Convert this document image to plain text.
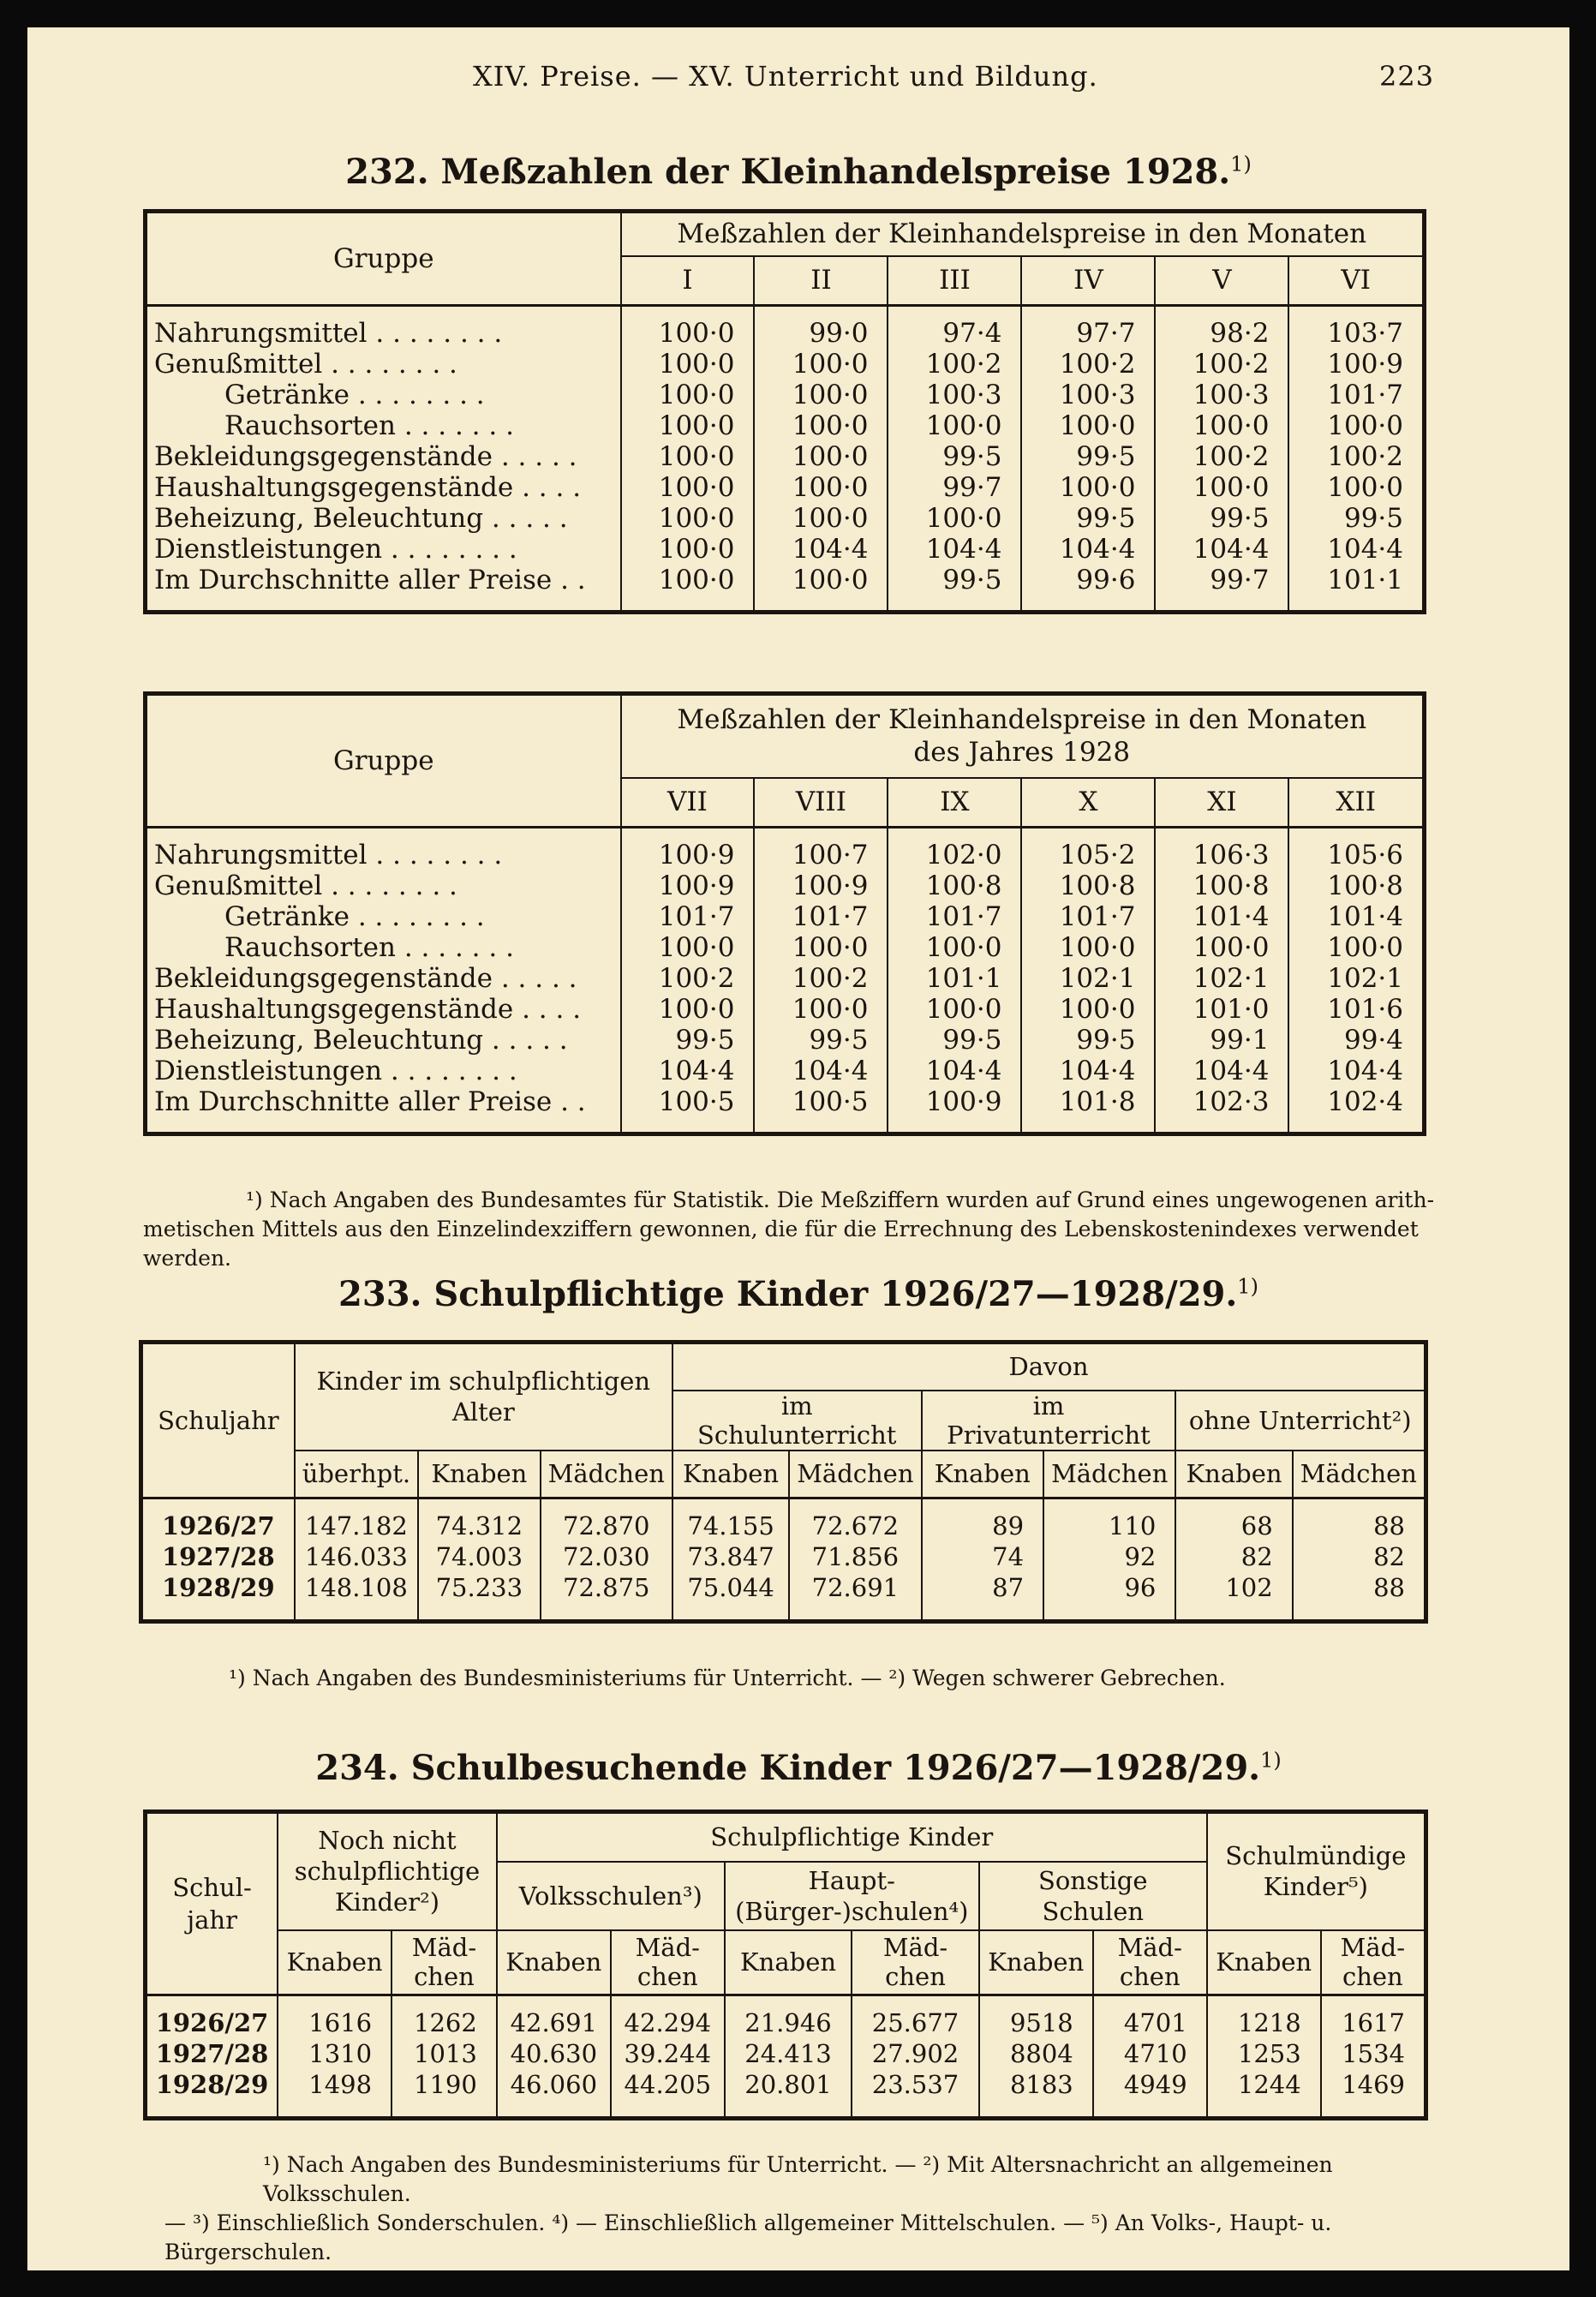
XIV. Preise. — XV. Unterricht und Bildung.	223
232. Meßzahlen der Kleinhandelspreise 1928.$^{1)}$
Gruppe	Meßzahlen der Kleinhandelspreise in den Monaten					
	I	II	III	IV	V	VI

Nahrungsmittel . . . . . . . .	100·0	99·0	97·4	97·7	98·2	103·7
Genußmittel . . . . . . . .	100·0	100·0	100·2	100·2	100·2	100·9
Getränke . . . . . . . .	100·0	100·0	100·3	100·3	100·3	101·7
Rauchsorten . . . . . . .	100·0	100·0	100·0	100·0	100·0	100·0
Bekleidungsgegenstände . . . . .	100·0	100·0	99·5	99·5	100·2	100·2
Haushaltungsgegenstände . . . .	100·0	100·0	99·7	100·0	100·0	100·0
Beheizung, Beleuchtung . . . . .	100·0	100·0	100·0	99·5	99·5	99·5
Dienstleistungen . . . . . . . .	100·0	104·4	104·4	104·4	104·4	104·4
Im Durchschnitte aller Preise . .	100·0	100·0	99·5	99·6	99·7	101·1

Gruppe	Meßzahlen der Kleinhandelspreise in den Monaten
des Jahres 1928					
	VII	VIII	IX	X	XI	XII

Nahrungsmittel . . . . . . . .	100·9	100·7	102·0	105·2	106·3	105·6
Genußmittel . . . . . . . .	100·9	100·9	100·8	100·8	100·8	100·8
Getränke . . . . . . . .	101·7	101·7	101·7	101·7	101·4	101·4
Rauchsorten . . . . . . .	100·0	100·0	100·0	100·0	100·0	100·0
Bekleidungsgegenstände . . . . .	100·2	100·2	101·1	102·1	102·1	102·1
Haushaltungsgegenstände . . . .	100·0	100·0	100·0	100·0	101·0	101·6
Beheizung, Beleuchtung . . . . .	99·5	99·5	99·5	99·5	99·1	99·4
Dienstleistungen . . . . . . . .	104·4	104·4	104·4	104·4	104·4	104·4
Im Durchschnitte aller Preise . .	100·5	100·5	100·9	101·8	102·3	102·4

¹) Nach Angaben des Bundesamtes für Statistik. Die Meßziffern wurden auf Grund eines ungewogenen arith-
metischen Mittels aus den Einzelindexziffern gewonnen, die für die Errechnung des Lebenskostenindexes verwendet werden.
233. Schulpflichtige Kinder 1926/27—1928/29.$^{1)}$
Schuljahr	Kinder im schulpflichtigen Alter			Davon					
				im Schulunterricht		im Privatunterricht		ohne Unterricht²)	
	überhpt.	Knaben	Mädchen	Knaben	Mädchen	Knaben	Mädchen	Knaben	Mädchen

1926/27	147.182	74.312	72.870	74.155	72.672	89	110	68	88
1927/28	146.033	74.003	72.030	73.847	71.856	74	92	82	82
1928/29	148.108	75.233	72.875	75.044	72.691	87	96	102	88

¹) Nach Angaben des Bundesministeriums für Unterricht. — ²) Wegen schwerer Gebrechen.
234. Schulbesuchende Kinder 1926/27—1928/29.$^{1)}$
Schul-jahr	Noch nicht schulpflichtige Kinder²)		Schulpflichtige Kinder						Schulmündige Kinder⁵)	
			Volksschulen³)		Haupt-(Bürger-)schulen⁴)		Sonstige Schulen			
	Knaben	Mäd-chen	Knaben	Mäd-chen	Knaben	Mäd-chen	Knaben	Mäd-chen	Knaben	Mäd-chen

1926/27	1616	1262	42.691	42.294	21.946	25.677	9518	4701	1218	1617
1927/28	1310	1013	40.630	39.244	24.413	27.902	8804	4710	1253	1534
1928/29	1498	1190	46.060	44.205	20.801	23.537	8183	4949	1244	1469

¹) Nach Angaben des Bundesministeriums für Unterricht. — ²) Mit Altersnachricht an allgemeinen Volksschulen.
— ³) Einschließlich Sonderschulen. ⁴) — Einschließlich allgemeiner Mittelschulen. — ⁵) An Volks-, Haupt- u. Bürgerschulen.
